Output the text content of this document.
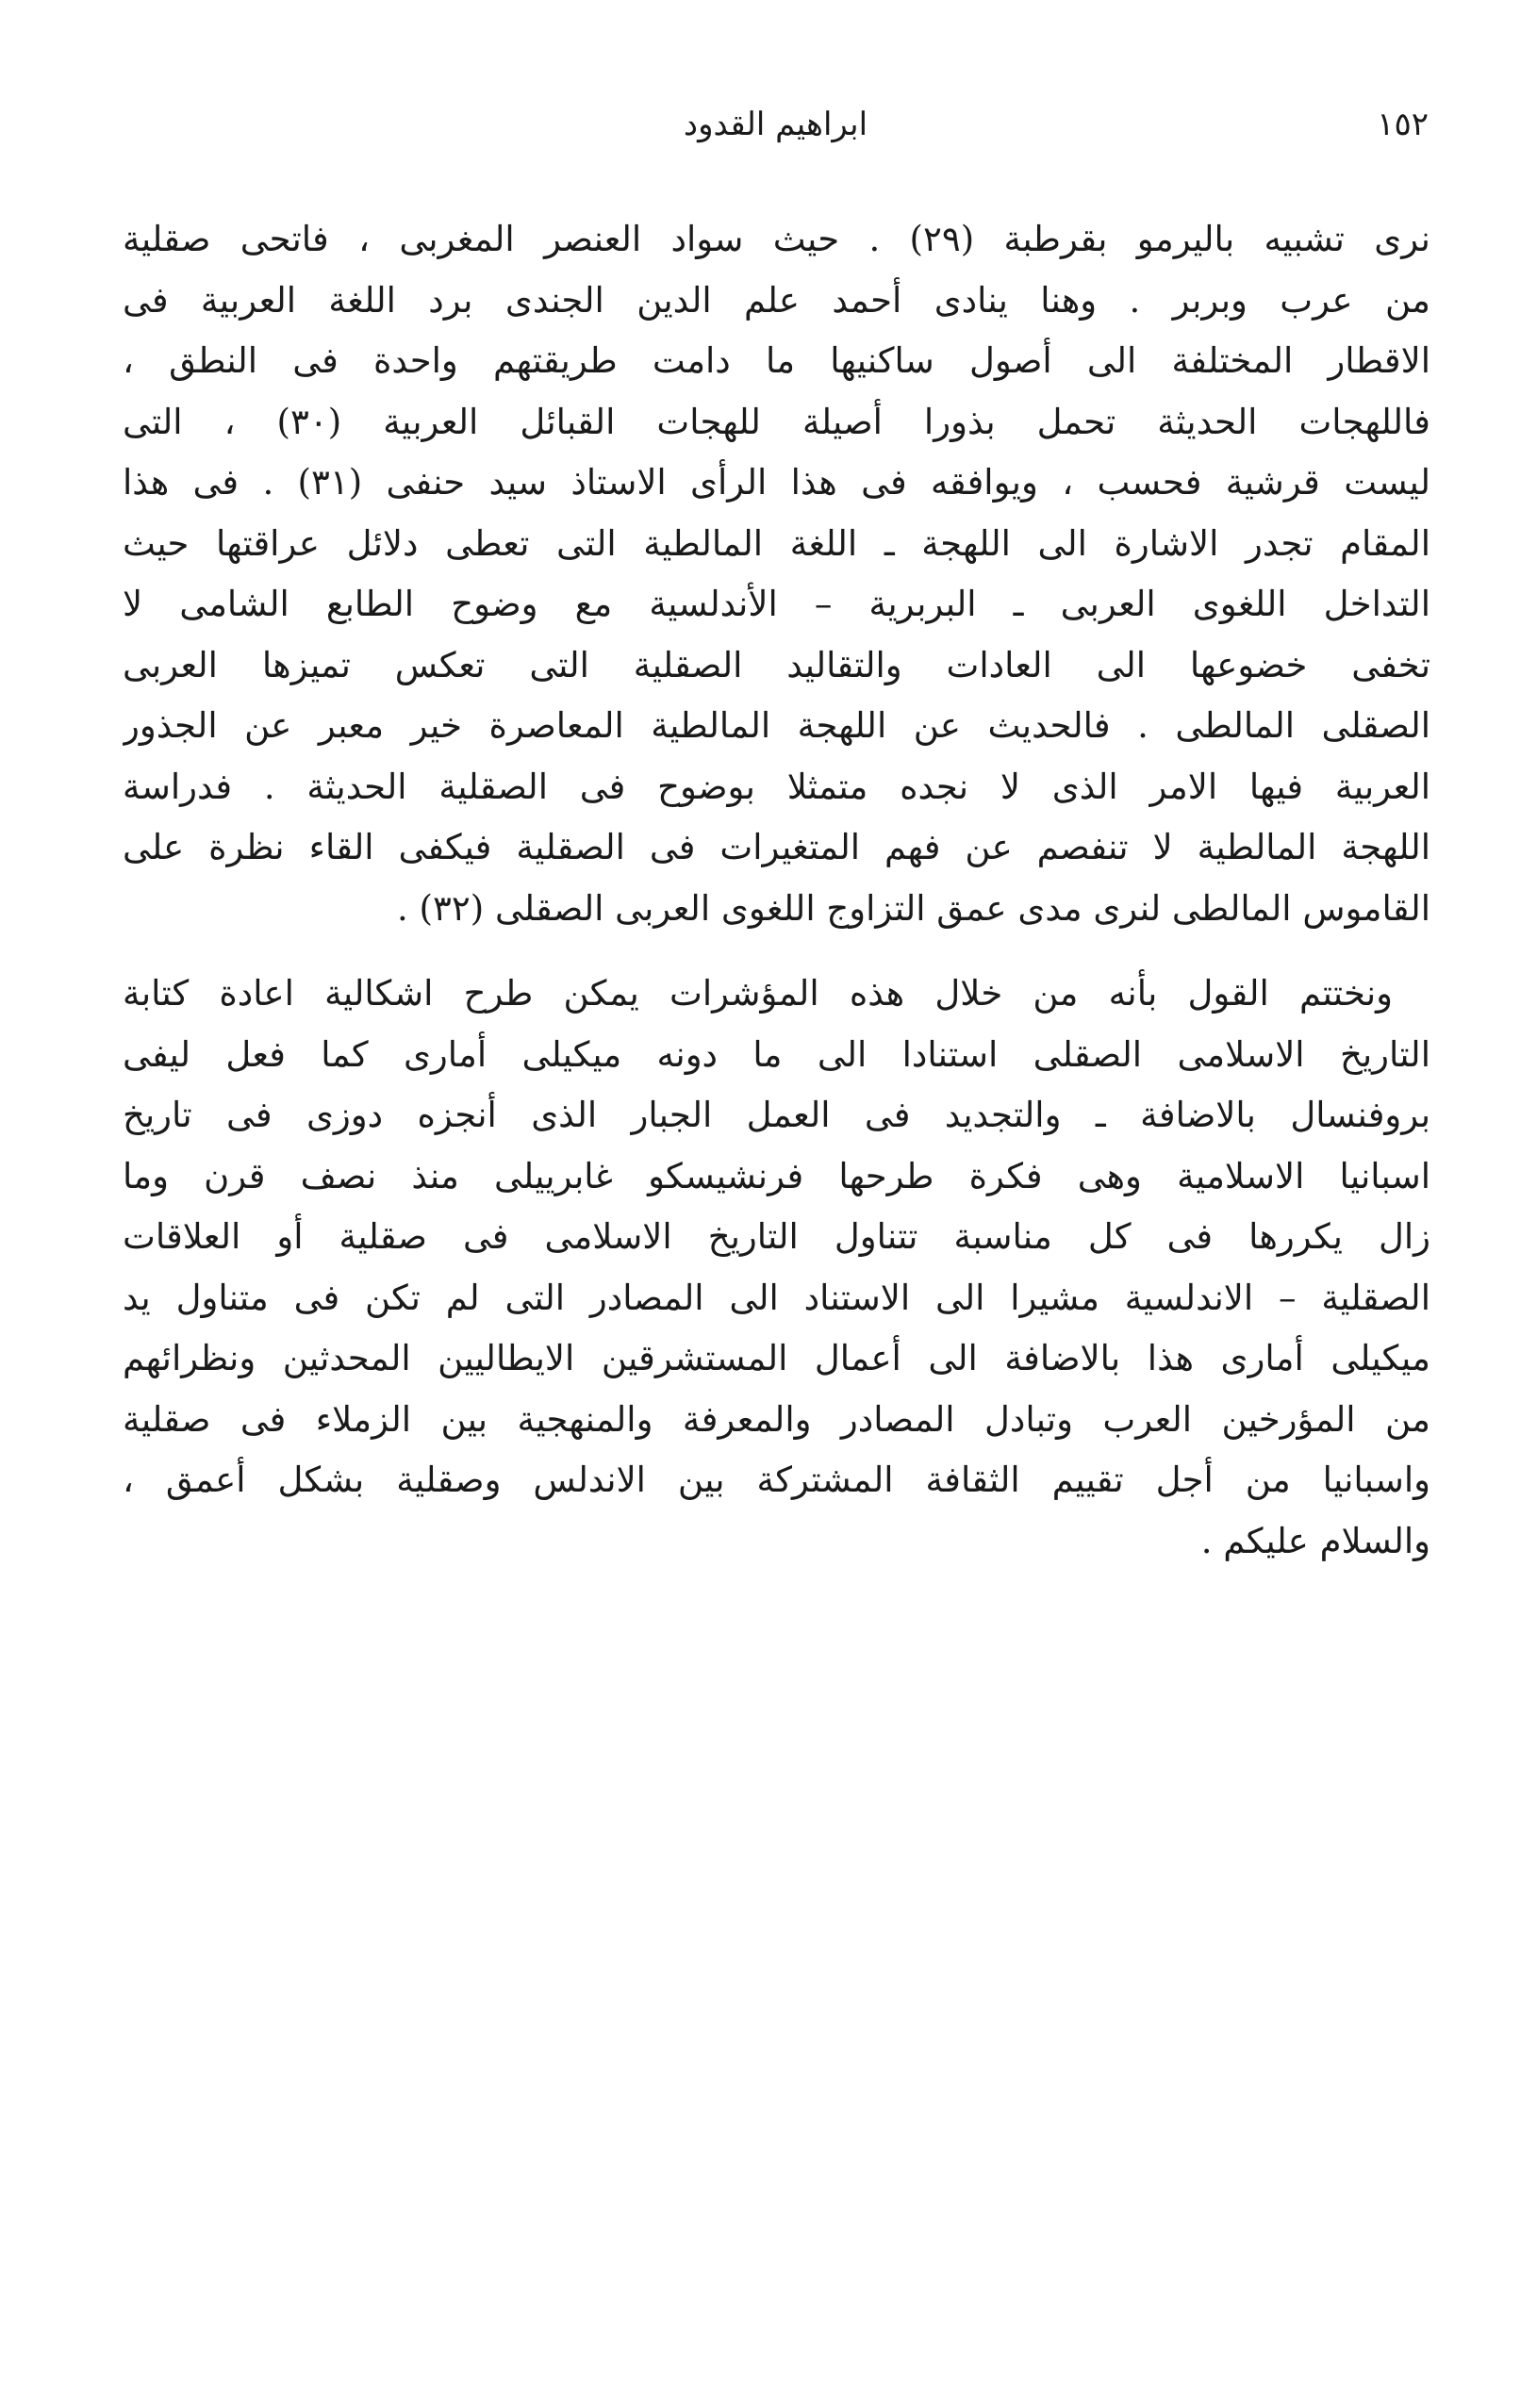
١٥٢
ابراهيم القدود
نرى تشبيه باليرمو بقرطبة (٢٩) . حيث سواد العنصر المغربى ، فاتحى صقلية
من عرب وبربر . وهنا ينادى أحمد علم الدين الجندى برد اللغة العربية فى
الاقطار المختلفة الى أصول ساكنيها ما دامت طريقتهم واحدة فى النطق ،
فاللهجات الحديثة تحمل بذورا أصيلة للهجات القبائل العربية (٣٠) ، التى
ليست قرشية فحسب ، ويوافقه فى هذا الرأى الاستاذ سيد حنفى (٣١) . فى هذا
المقام تجدر الاشارة الى اللهجة ـ اللغة المالطية التى تعطى دلائل عراقتها حيث
التداخل اللغوى العربى ـ البربرية – الأندلسية مع وضوح الطابع الشامى لا
تخفى خضوعها الى العادات والتقاليد الصقلية التى تعكس تميزها العربى
الصقلى المالطى . فالحديث عن اللهجة المالطية المعاصرة خير معبر عن الجذور
العربية فيها الامر الذى لا نجده متمثلا بوضوح فى الصقلية الحديثة . فدراسة
اللهجة المالطية لا تنفصم عن فهم المتغيرات فى الصقلية فيكفى القاء نظرة على
القاموس المالطى لنرى مدى عمق التزاوج اللغوى العربى الصقلى (٣٢) .
ونختتم القول بأنه من خلال هذه المؤشرات يمكن طرح اشكالية اعادة كتابة
التاريخ الاسلامى الصقلى استنادا الى ما دونه ميكيلى أمارى كما فعل ليفى
بروفنسال بالاضافة ـ والتجديد فى العمل الجبار الذى أنجزه دوزى فى تاريخ
اسبانيا الاسلامية وهى فكرة طرحها فرنشيسكو غابرييلى منذ نصف قرن وما
زال يكررها فى كل مناسبة تتناول التاريخ الاسلامى فى صقلية أو العلاقات
الصقلية – الاندلسية مشيرا الى الاستناد الى المصادر التى لم تكن فى متناول يد
ميكيلى أمارى هذا بالاضافة الى أعمال المستشرقين الايطاليين المحدثين ونظرائهم
من المؤرخين العرب وتبادل المصادر والمعرفة والمنهجية بين الزملاء فى صقلية
واسبانيا من أجل تقييم الثقافة المشتركة بين الاندلس وصقلية بشكل أعمق ،
والسلام عليكم .
